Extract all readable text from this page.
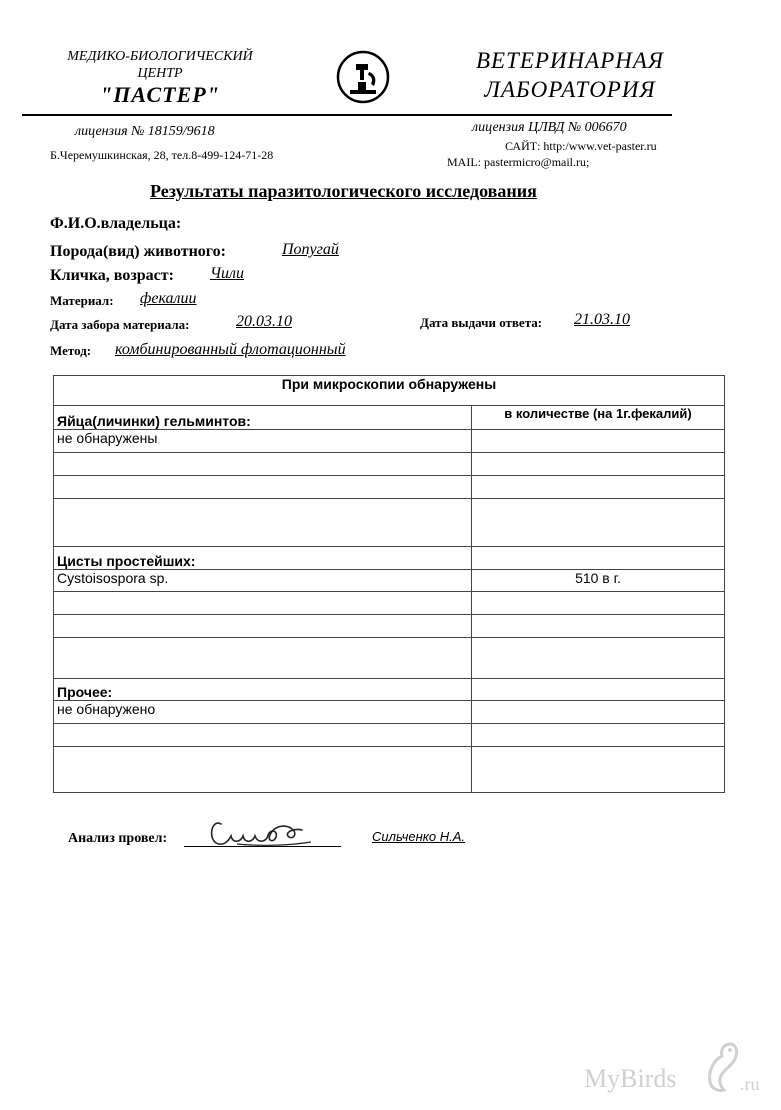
МЕДИКО-БИОЛОГИЧЕСКИЙ
ЦЕНТР
"ПАСТЕР"
ВЕТЕРИНАРНАЯ
ЛАБОРАТОРИЯ
лицензия № 18159/9618
Б.Черемушкинская, 28, тел.8-499-124-71-28
лицензия ЦЛВД № 006670
САЙТ: http:/www.vet-paster.ru
MAIL: pastermicro@mail.ru;
Результаты паразитологического исследования
Ф.И.О.владельца:
Порода(вид) животного:	Попугай
Кличка, возраст: Чили
Материал: фекалии
Дата забора материала:	20.03.10	Дата выдачи ответа: 21.03.10
Метод: комбинированный флотационный
При микроскопии обнаружены	
Яйца(личинки) гельминтов:	в количестве (на 1г.фекалий)
не обнаружены	

Цисты простейших:	
Cystoisospora sp.	510 в г.

Прочее:	
не обнаружено	

Анализ провел:	Сильченко Н.А.
MyBirds	.ru
